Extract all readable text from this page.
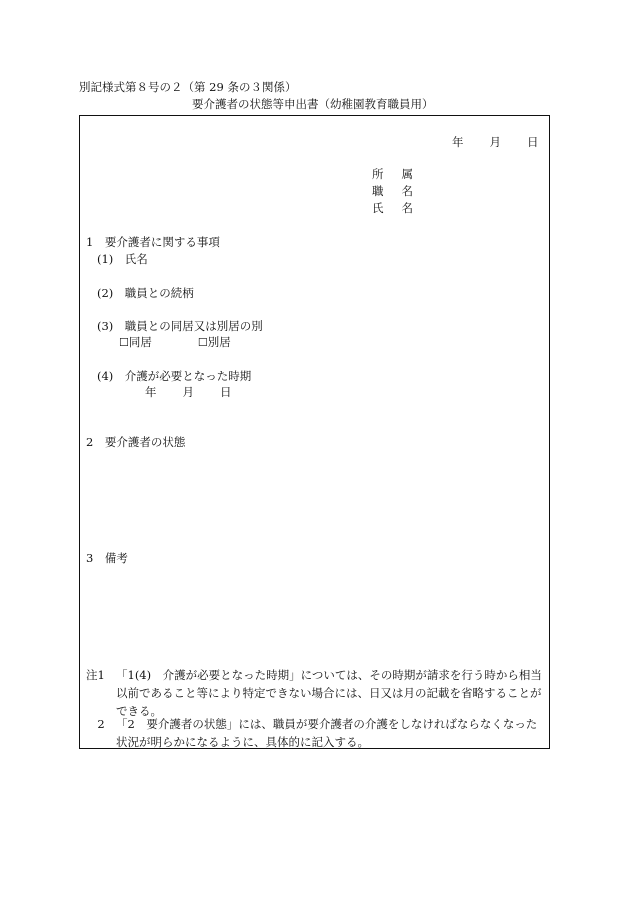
別記様式第８号の２（第 29 条の３関係）
要介護者の状態等申出書（幼稚園教育職員用）
年 月 日
所 属
職 名
氏 名
1　要介護者に関する事項
(1)　氏名
(2)　職員との続柄
(3)　職員との同居又は別居の別
☐同居	☐別居
(4)　介護が必要となった時期
年 月 日
2　要介護者の状態
3　備考
注1 「1(4)　介護が必要となった時期」については、その時期が請求を行う時から相当以前であること等により特定できない場合には、日又は月の記載を省略することができる。
2 「2　要介護者の状態」には、職員が要介護者の介護をしなければならなくなった状況が明らかになるように、具体的に記入する。
